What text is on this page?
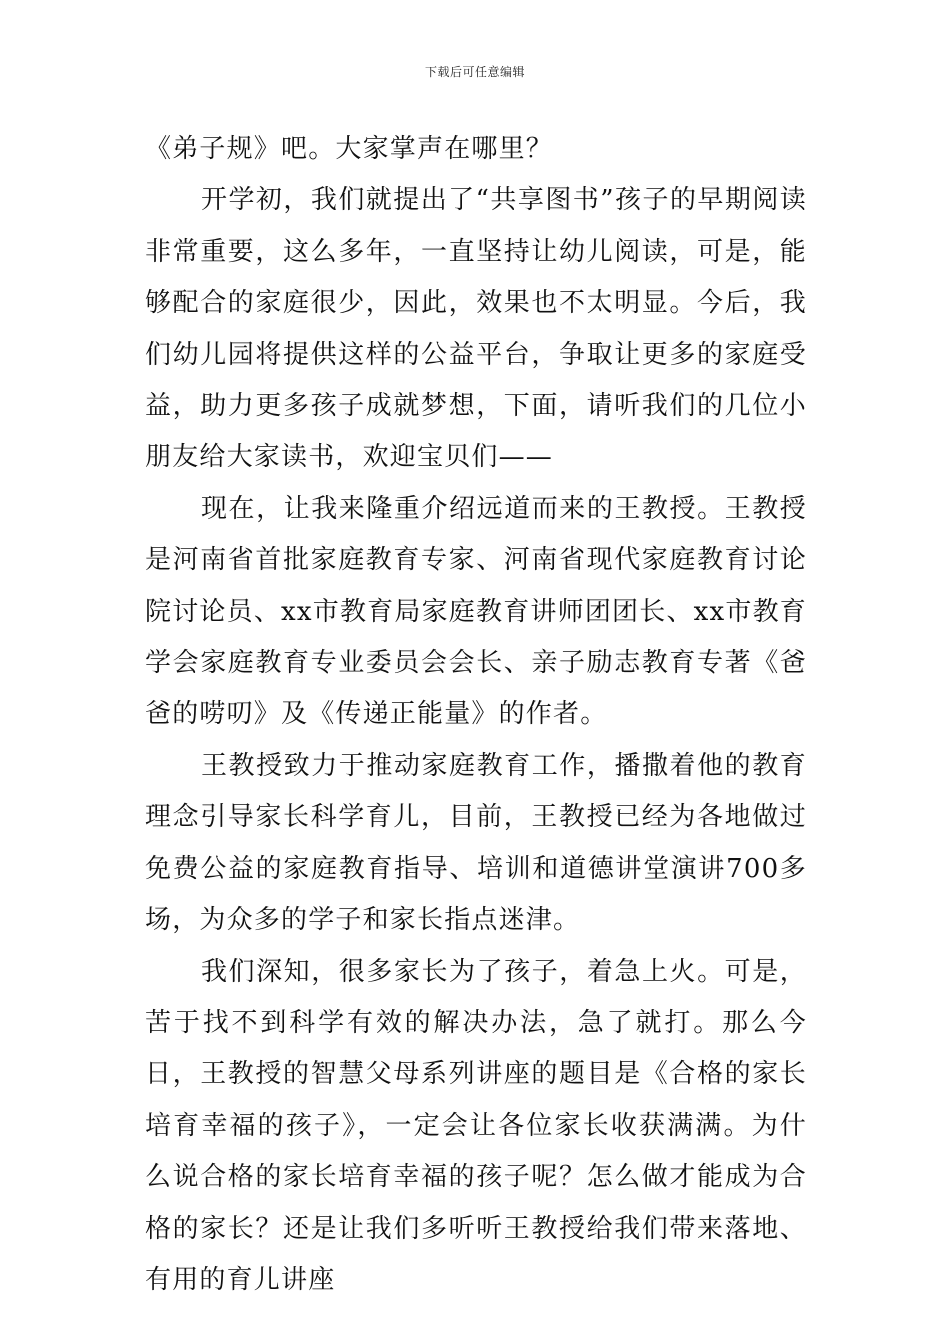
下载后可任意编辑

《弟子规》吧。大家掌声在哪里？

开学初，我们就提出了“共享图书”孩子的早期阅读非常重要，这么多年，一直坚持让幼儿阅读，可是，能够配合的家庭很少，因此，效果也不太明显。今后，我们幼儿园将提供这样的公益平台，争取让更多的家庭受益，助力更多孩子成就梦想，下面，请听我们的几位小朋友给大家读书，欢迎宝贝们——

现在，让我来隆重介绍远道而来的王教授。王教授是河南省首批家庭教育专家、河南省现代家庭教育讨论院讨论员、xx市教育局家庭教育讲师团团长、xx市教育学会家庭教育专业委员会会长、亲子励志教育专著《爸爸的唠叨》及《传递正能量》的作者。

王教授致力于推动家庭教育工作，播撒着他的教育理念引导家长科学育儿，目前，王教授已经为各地做过免费公益的家庭教育指导、培训和道德讲堂演讲700多场，为众多的学子和家长指点迷津。

我们深知，很多家长为了孩子，着急上火。可是，苦于找不到科学有效的解决办法，急了就打。那么今日，王教授的智慧父母系列讲座的题目是《合格的家长培育幸福的孩子》，一定会让各位家长收获满满。为什么说合格的家长培育幸福的孩子呢？怎么做才能成为合格的家长？还是让我们多听听王教授给我们带来落地、有用的育儿讲座
